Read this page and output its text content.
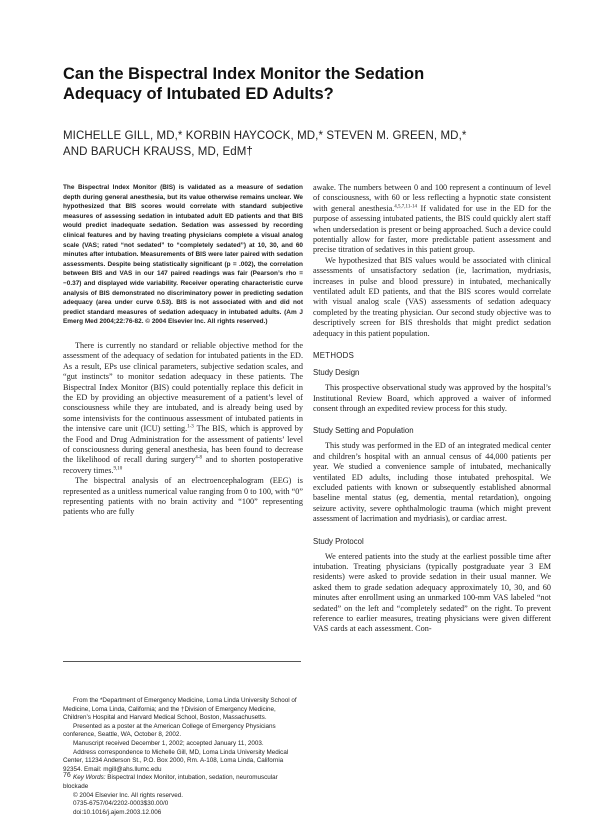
Can the Bispectral Index Monitor the Sedation
Adequacy of Intubated ED Adults?
MICHELLE GILL, MD,* KORBIN HAYCOCK, MD,* STEVEN M. GREEN, MD,*
AND BARUCH KRAUSS, MD, EdM†

The Bispectral Index Monitor (BIS) is validated as a measure of sedation depth during general anesthesia, but its value otherwise remains unclear. We hypothesized that BIS scores would correlate with standard subjective measures of assessing sedation in intubated adult ED patients and that BIS would predict inadequate sedation. Sedation was assessed by recording clinical features and by having treating physicians complete a visual analog scale (VAS; rated “not sedated” to “completely sedated”) at 10, 30, and 60 minutes after intubation. Measurements of BIS were later paired with sedation assessments. Despite being statistically significant (p = .002), the correlation between BIS and VAS in our 147 paired readings was fair (Pearson’s rho = −0.37) and displayed wide variability. Receiver operating characteristic curve analysis of BIS demonstrated no discriminatory power in predicting sedation adequacy (area under curve 0.53). BIS is not associated with and did not predict standard measures of sedation adequacy in intubated adults. (Am J Emerg Med 2004;22:76-82. © 2004 Elsevier Inc. All rights reserved.)

There is currently no standard or reliable objective method for the assessment of the adequacy of sedation for intubated patients in the ED. As a result, EPs use clinical parameters, subjective sedation scales, and “gut instincts” to monitor sedation adequacy in these patients. The Bispectral Index Monitor (BIS) could potentially replace this deficit in the ED by providing an objective measurement of a patient’s level of consciousness while they are intubated, and is already being used by some intensivists for the continuous assessment of intubated patients in the intensive care unit (ICU) setting.$^{1-3}$ The BIS, which is approved by the Food and Drug Administration for the assessment of patients’ level of consciousness during general anesthesia, has been found to decrease the likelihood of recall during surgery$^{4-8}$ and to shorten postoperative recovery times.$^{9,10}$

The bispectral analysis of an electroencephalogram (EEG) is represented as a unitless numerical value ranging from 0 to 100, with “0” representing patients with no brain activity and “100” representing patients who are fully

From the *Department of Emergency Medicine, Loma Linda University School of Medicine, Loma Linda, California; and the †Division of Emergency Medicine, Children’s Hospital and Harvard Medical School, Boston, Massachusetts.

Presented as a poster at the American College of Emergency Physicians conference, Seattle, WA, October 8, 2002.

Manuscript received December 1, 2002; accepted January 11, 2003.

Address correspondence to Michelle Gill, MD, Loma Linda University Medical Center, 11234 Anderson St., P.O. Box 2000, Rm. A-108, Loma Linda, California 92354. Email: mgill@ahs.llumc.edu

Key Words: Bispectral Index Monitor, intubation, sedation, neuromuscular blockade

© 2004 Elsevier Inc. All rights reserved.

0735-6757/04/2202-0003$30.00/0

doi:10.1016/j.ajem.2003.12.006

76

awake. The numbers between 0 and 100 represent a continuum of level of consciousness, with 60 or less reflecting a hypnotic state consistent with general anesthesia.$^{4,5,7,11-14}$ If validated for use in the ED for the purpose of assessing intubated patients, the BIS could quickly alert staff when undersedation is present or being approached. Such a device could potentially allow for faster, more predictable patient assessment and precise titration of sedatives in this patient group.

We hypothesized that BIS values would be associated with clinical assessments of unsatisfactory sedation (ie, lacrimation, mydriasis, increases in pulse and blood pressure) in intubated, mechanically ventilated adult ED patients, and that the BIS scores would correlate with visual analog scale (VAS) assessments of sedation adequacy completed by the treating physician. Our second study objective was to descriptively screen for BIS thresholds that might predict sedation adequacy in this patient population.

METHODS

Study Design

This prospective observational study was approved by the hospital’s Institutional Review Board, which approved a waiver of informed consent through an expedited review process for this study.

Study Setting and Population

This study was performed in the ED of an integrated medical center and children’s hospital with an annual census of 44,000 patients per year. We studied a convenience sample of intubated, mechanically ventilated ED adults, including those intubated prehospital. We excluded patients with known or subsequently established abnormal baseline mental status (eg, dementia, mental retardation), ongoing seizure activity, severe ophthalmologic trauma (which might prevent assessment of lacrimation and mydriasis), or cardiac arrest.

Study Protocol

We entered patients into the study at the earliest possible time after intubation. Treating physicians (typically postgraduate year 3 EM residents) were asked to provide sedation in their usual manner. We asked them to grade sedation adequacy approximately 10, 30, and 60 minutes after enrollment using an unmarked 100-mm VAS labeled “not sedated” on the left and “completely sedated” on the right. To prevent reference to earlier measures, treating physicians were given different VAS cards at each assessment. Con-
